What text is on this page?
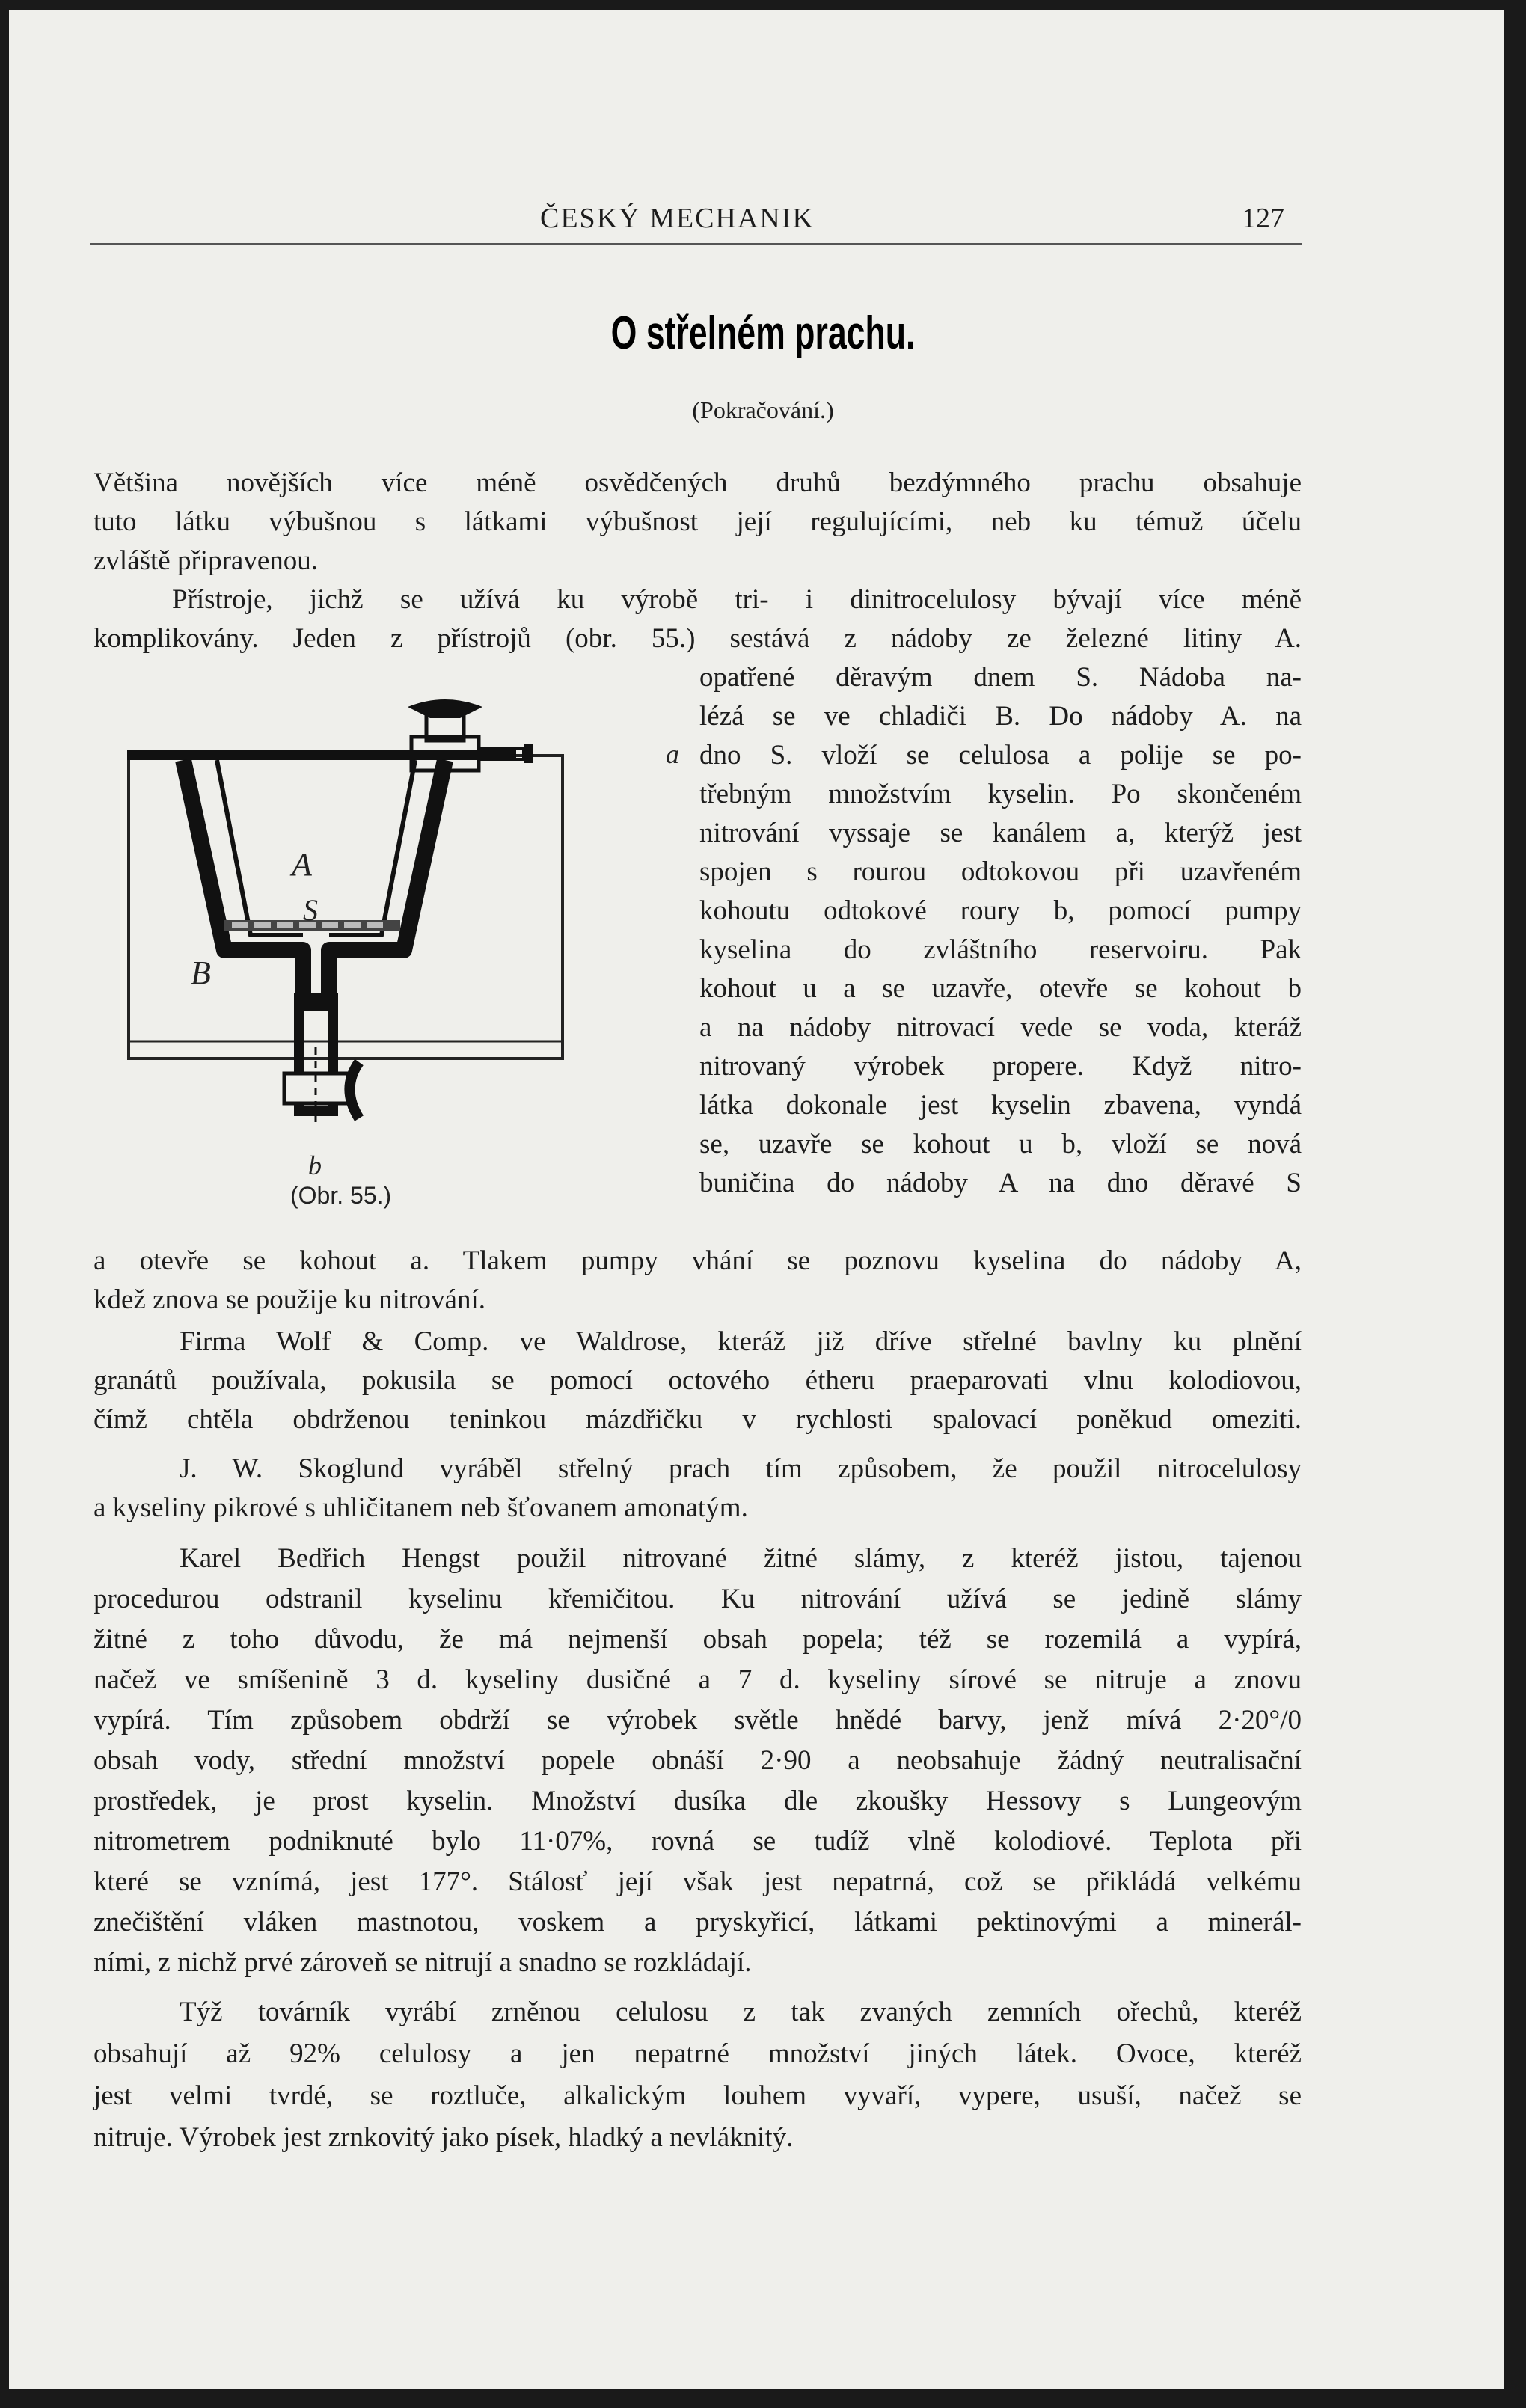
ČESKÝ MECHANIK	127
O střelném prachu.
(Pokračování.)
Většina novějších více méně osvědčených druhů bezdýmného prachu obsahuje
tuto látku výbušnou s látkami výbušnost její regulujícími, neb ku témuž účelu
zvláště připravenou.
Přístroje, jichž se užívá ku výrobě tri- i dinitrocelulosy bývají více méně
komplikovány. Jeden z přístrojů (obr. 55.) sestává z nádoby ze železné litiny A.
opatřené děravým dnem S. Nádoba na-
lézá se ve chladiči B. Do nádoby A. na
dno S. vloží se celulosa a polije se po-
třebným množstvím kyselin. Po skončeném
nitrování vyssaje se kanálem a, kterýž jest
spojen s rourou odtokovou při uzavřeném
kohoutu odtokové roury b, pomocí pumpy
kyselina do zvláštního reservoiru. Pak
kohout u a se uzavře, otevře se kohout b
a na nádoby nitrovací vede se voda, kteráž
nitrovaný výrobek propere. Když nitro-
látka dokonale jest kyselin zbavena, vyndá
se, uzavře se kohout u b, vloží se nová
buničina do nádoby A na dno děravé S
A
S
B
a
b
(Obr. 55.)
a otevře se kohout a. Tlakem pumpy vhání se poznovu kyselina do nádoby A,
kdež znova se použije ku nitrování.
Firma Wolf & Comp. ve Waldrose, kteráž již dříve střelné bavlny ku plnění
granátů používala, pokusila se pomocí octového étheru praeparovati vlnu kolodiovou,
čímž chtěla obdrženou teninkou mázdřičku v rychlosti spalovací poněkud omeziti.
J. W. Skoglund vyráběl střelný prach tím způsobem, že použil nitrocelulosy
a kyseliny pikrové s uhličitanem neb šťovanem amonatým.
Karel Bedřich Hengst použil nitrované žitné slámy, z kteréž jistou, tajenou
procedurou odstranil kyselinu křemičitou. Ku nitrování užívá se jedině slámy
žitné z toho důvodu, že má nejmenší obsah popela; též se rozemilá a vypírá,
načež ve smíšenině 3 d. kyseliny dusičné a 7 d. kyseliny sírové se nitruje a znovu
vypírá. Tím způsobem obdrží se výrobek světle hnědé barvy, jenž mívá 2·20°/0
obsah vody, střední množství popele obnáší 2·90 a neobsahuje žádný neutralisační
prostředek, je prost kyselin. Množství dusíka dle zkoušky Hessovy s Lungeovým
nitrometrem podniknuté bylo 11·07%, rovná se tudíž vlně kolodiové. Teplota při
které se vznímá, jest 177°. Stálosť její však jest nepatrná, což se přikládá velkému
znečištění vláken mastnotou, voskem a pryskyřicí, látkami pektinovými a minerál-
ními, z nichž prvé zároveň se nitrují a snadno se rozkládají.
Týž továrník vyrábí zrněnou celulosu z tak zvaných zemních ořechů, kteréž
obsahují až 92% celulosy a jen nepatrné množství jiných látek. Ovoce, kteréž
jest velmi tvrdé, se roztluče, alkalickým louhem vyvaří, vypere, usuší, načež se
nitruje. Výrobek jest zrnkovitý jako písek, hladký a nevláknitý.
